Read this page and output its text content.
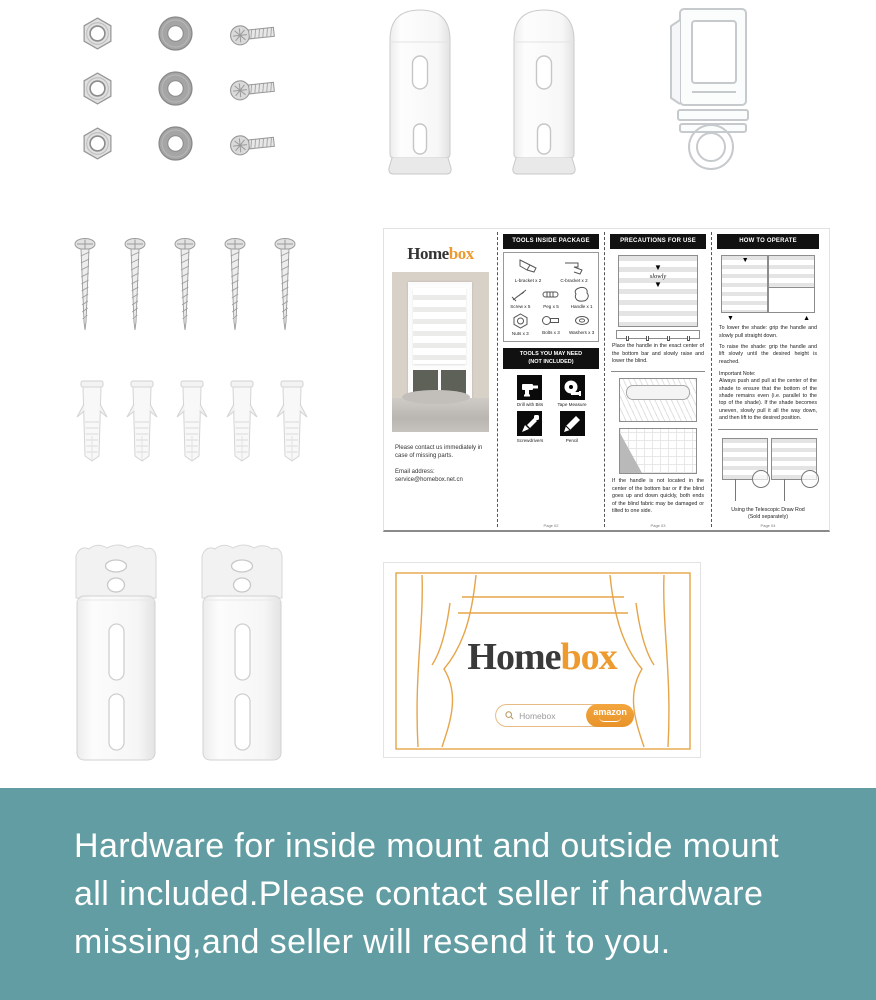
Homebox
Please contact us immediately in case of missing parts.
Email address:
service@homebox.net.cn
TOOLS INSIDE PACKAGE
L-bracket x 2	C-bracket x 2
Screw x 5	Peg x 5	Handle x 1
Nuts x 3	Bolts x 3 Washers x 3
TOOLS YOU MAY NEED
(NOT INCLUDED)
Drill with Bits	Tape Measure
Screwdrivers	Pencil
Page 02
PRECAUTIONS FOR USE
▼
slowly
▼
Place the handle in the exact center of the bottom bar and slowly raise and lower the blind.
If the handle is not located in the center of the bottom bar or if the blind goes up and down quickly, both ends of the blind fabric may be damaged or tilted to one side.
Page 03
HOW TO OPERATE
▼
▼	▲
To lower the shade: grip the handle and slowly pull straight down.
To raise the shade: grip the handle and lift slowly until the desired height is reached.
Important Note:
Always push and pull at the center of the shade to ensure that the bottom of the shade remains even (i.e. parallel to the top of the shade). If the shade becomes uneven, slowly pull it all the way down, and then lift to the desired position.
Using the Telescopic Draw Rod
(Sold separately)
Page 04
Homebox
Homebox	amazon
Hardware for inside mount and outside mount
all included.Please contact seller if hardware
missing,and seller will resend it to you.
